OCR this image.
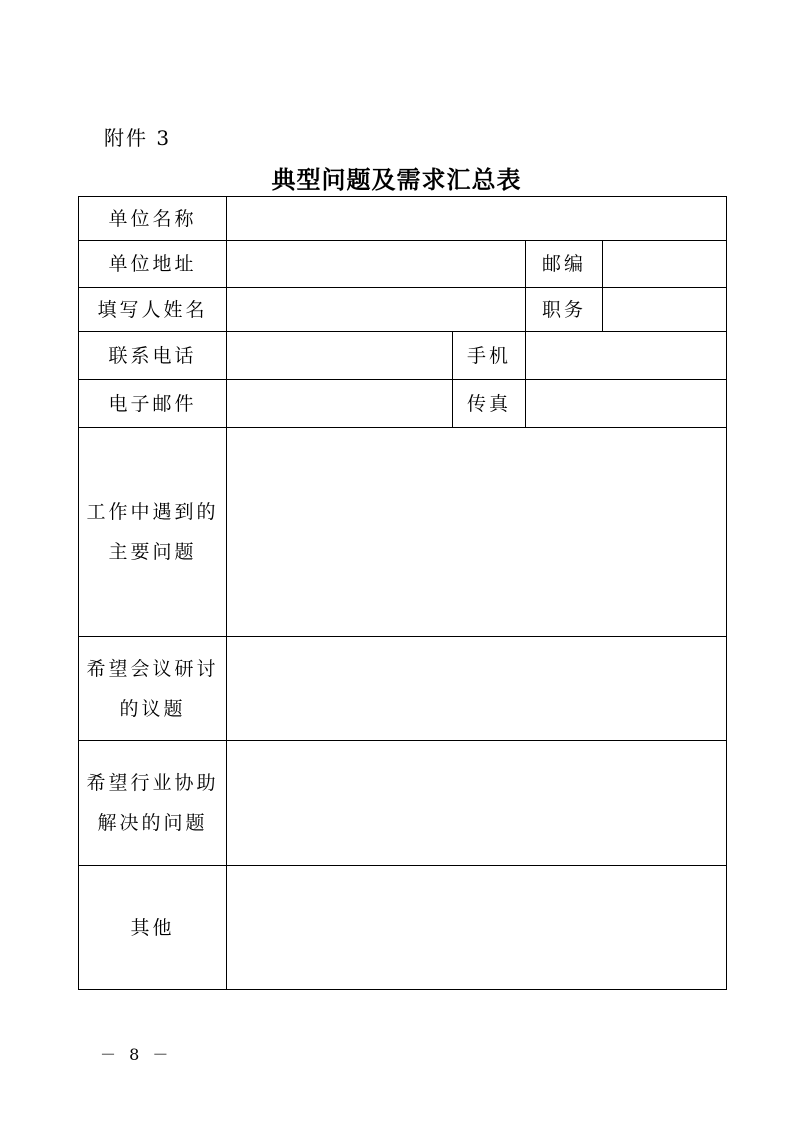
附件 3
典型问题及需求汇总表
单位名称
单位地址	邮编
填写人姓名	职务
联系电话	手机
电子邮件	传真
工作中遇到的
主要问题
希望会议研讨
的议题
希望行业协助
解决的问题
其他
－ 8 －
